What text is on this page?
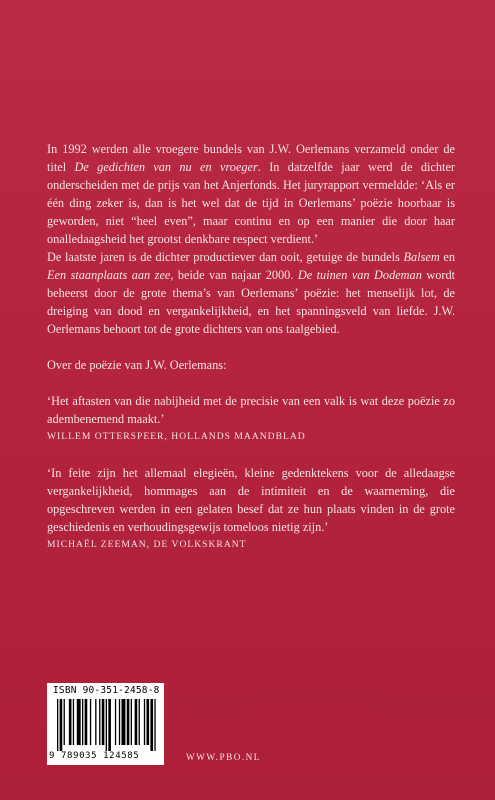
In 1992 werden alle vroegere bundels van J.W. Oerlemans verzameld onder de titel De gedichten van nu en vroeger. In datzelfde jaar werd de dichter onderscheiden met de prijs van het Anjerfonds. Het juryrapport vermeldde: ‘Als er één ding zeker is, dan is het wel dat de tijd in Oerlemans’ poëzie hoorbaar is geworden, niet “heel even”, maar continu en op een manier die door haar onalledaagsheid het grootst denkbare respect verdient.’

De laatste jaren is de dichter productiever dan ooit, getuige de bundels Balsem en Een staanplaats aan zee, beide van najaar 2000. De tuinen van Dodeman wordt beheerst door de grote thema’s van Oerlemans’ poëzie: het menselijk lot, de dreiging van dood en vergankelijkheid, en het spanningsveld van liefde. J.W. Oerlemans behoort tot de grote dichters van ons taalgebied.

Over de poëzie van J.W. Oerlemans:

‘Het aftasten van die nabijheid met de precisie van een valk is wat deze poëzie zo adembenemend maakt.’

WILLEM OTTERSPEER, HOLLANDS MAANDBLAD

‘In feite zijn het allemaal elegieën, kleine gedenktekens voor de alledaagse vergankelijkheid, hommages aan de intimiteit en de waarneming, die opgeschreven werden in een gelaten besef dat ze hun plaats vinden in de grote geschiedenis en verhoudingsgewijs tomeloos nietig zijn.’

MICHAËL ZEEMAN, DE VOLKSKRANT

ISBN 90-351-2458-8
9 789035 124585	WWW.PBO.NL
